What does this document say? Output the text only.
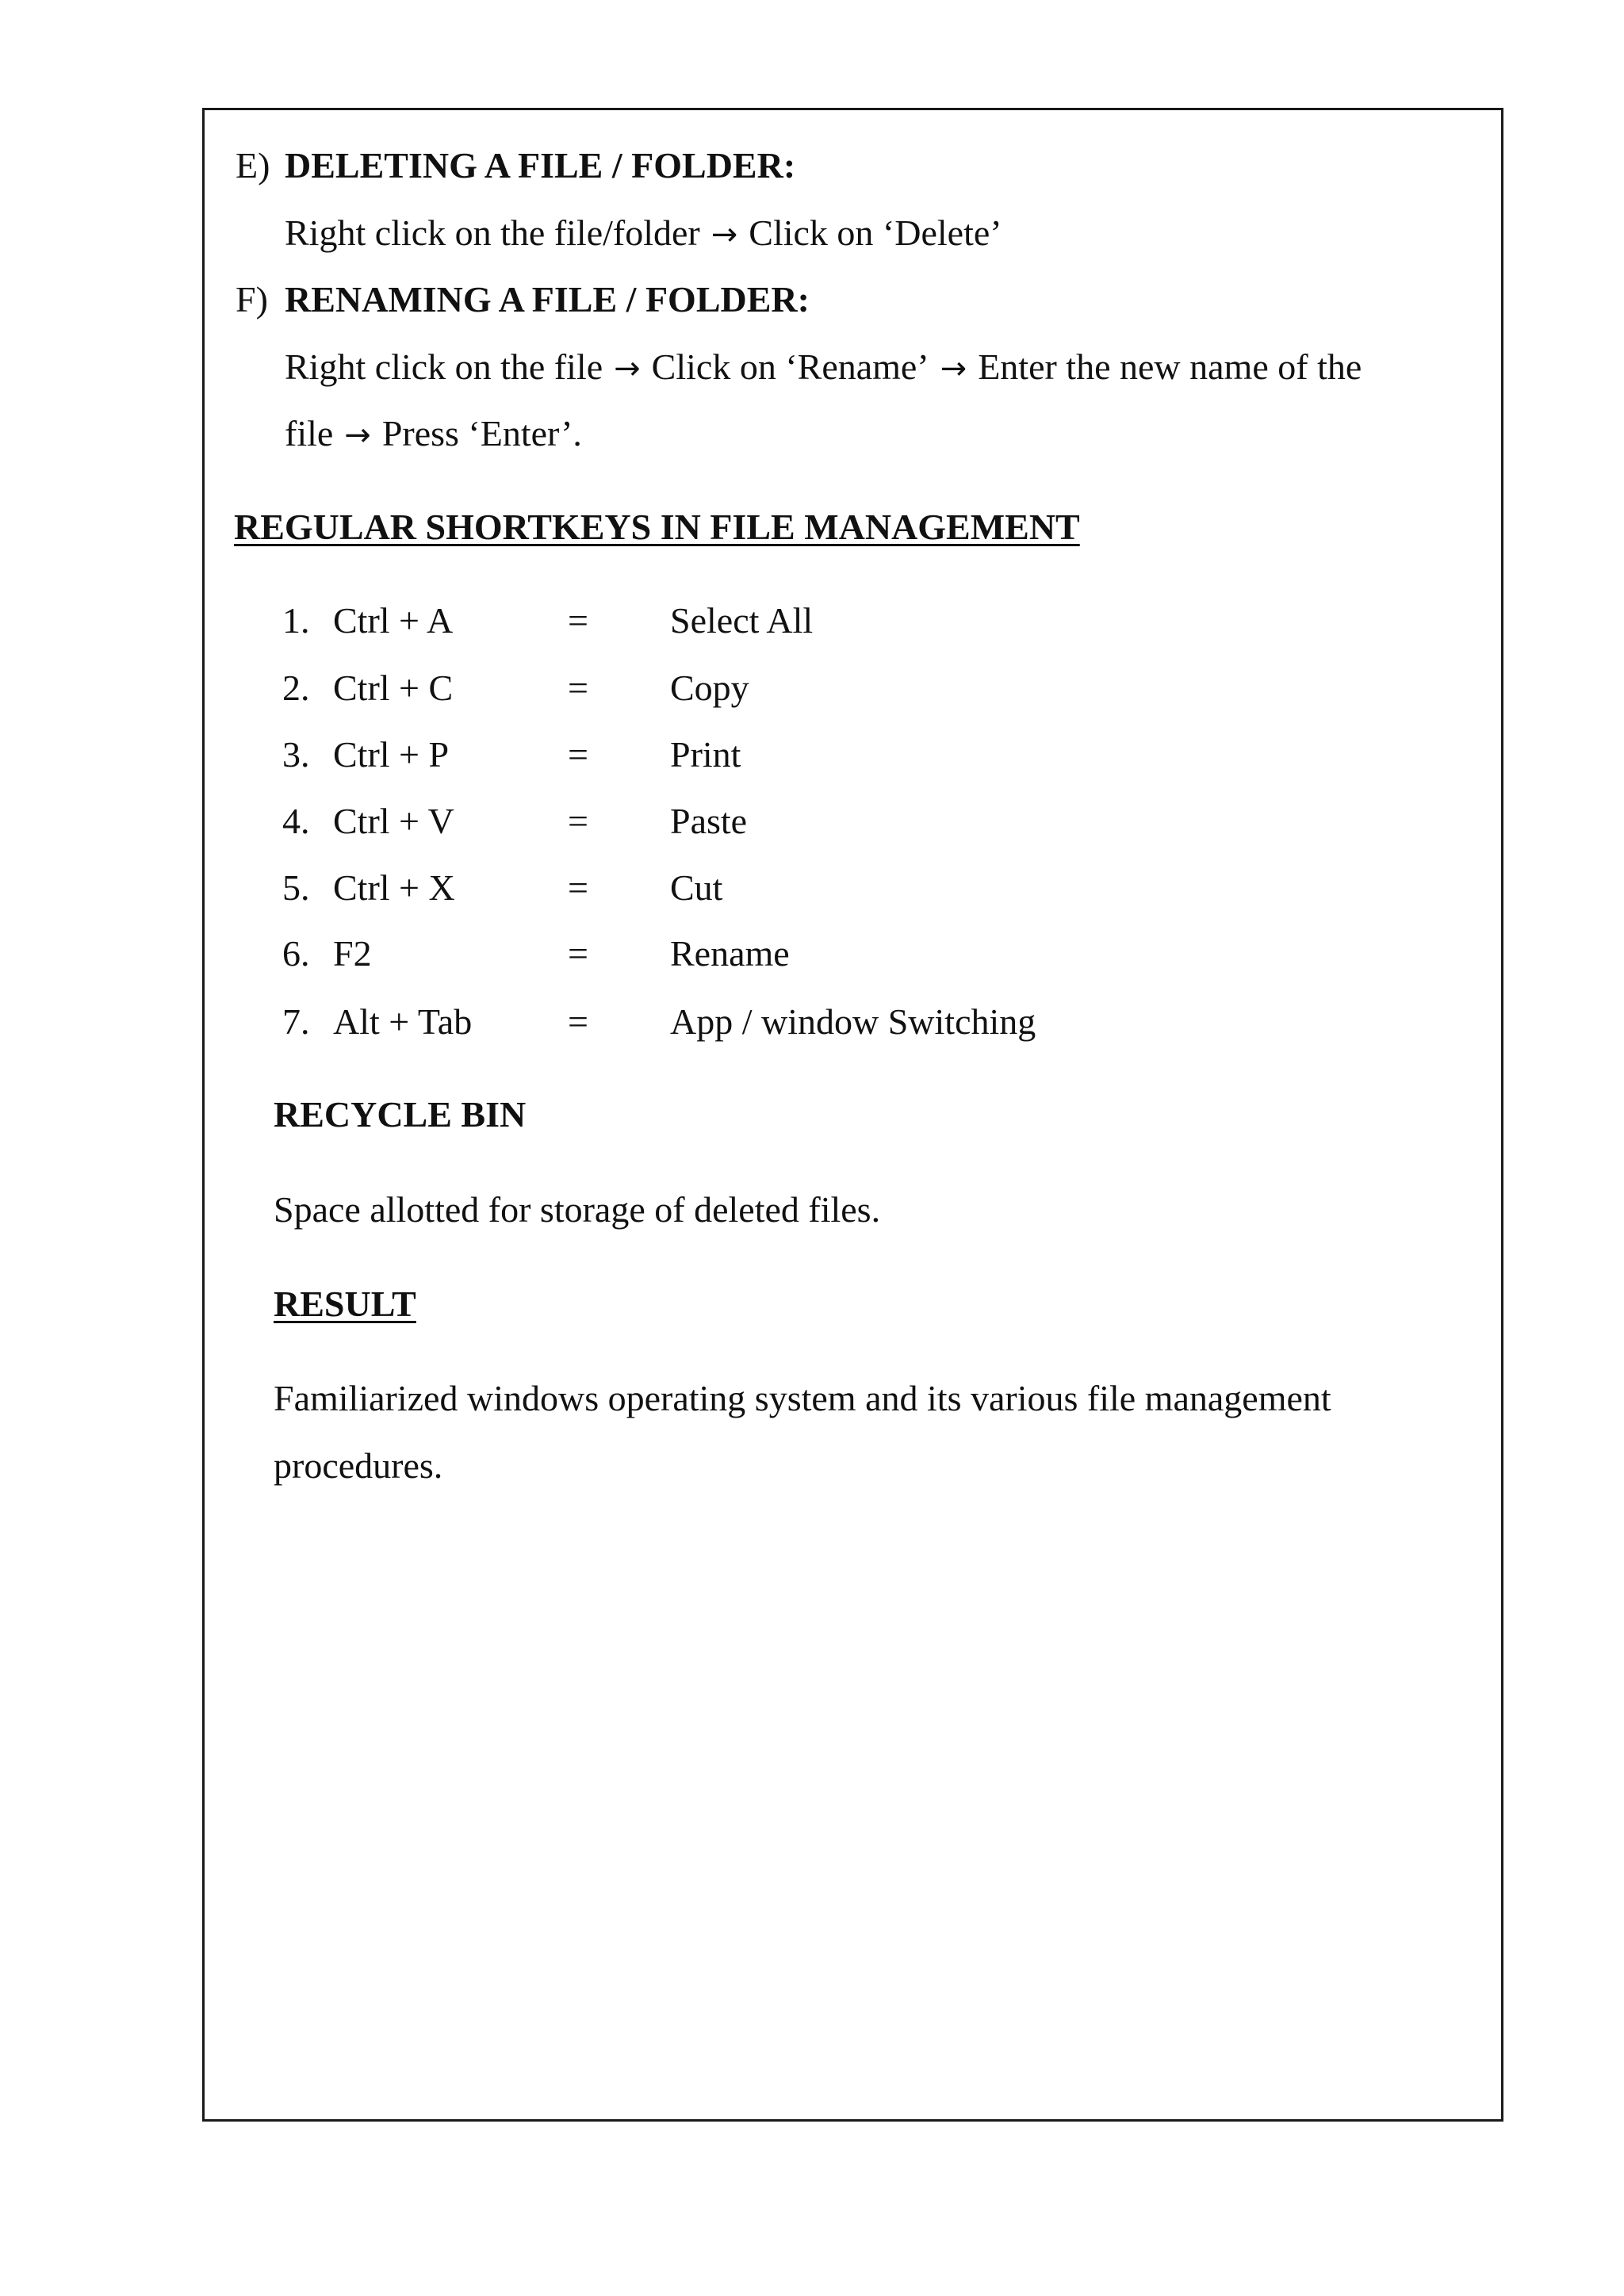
E) DELETING A FILE / FOLDER:
Right click on the file/folder → Click on ‘Delete’
F) RENAMING A FILE / FOLDER:
Right click on the file → Click on ‘Rename’ → Enter the new name of the
file → Press ‘Enter’.
REGULAR SHORTKEYS IN FILE MANAGEMENT
1. Ctrl + A	= Select All
2. Ctrl + C	= Copy
3. Ctrl + P	= Print
4. Ctrl + V	= Paste
5. Ctrl + X	= Cut
6. F2	= Rename
7. Alt + Tab	= App / window Switching
RECYCLE BIN
Space allotted for storage of deleted files.
RESULT
Familiarized windows operating system and its various file management
procedures.
